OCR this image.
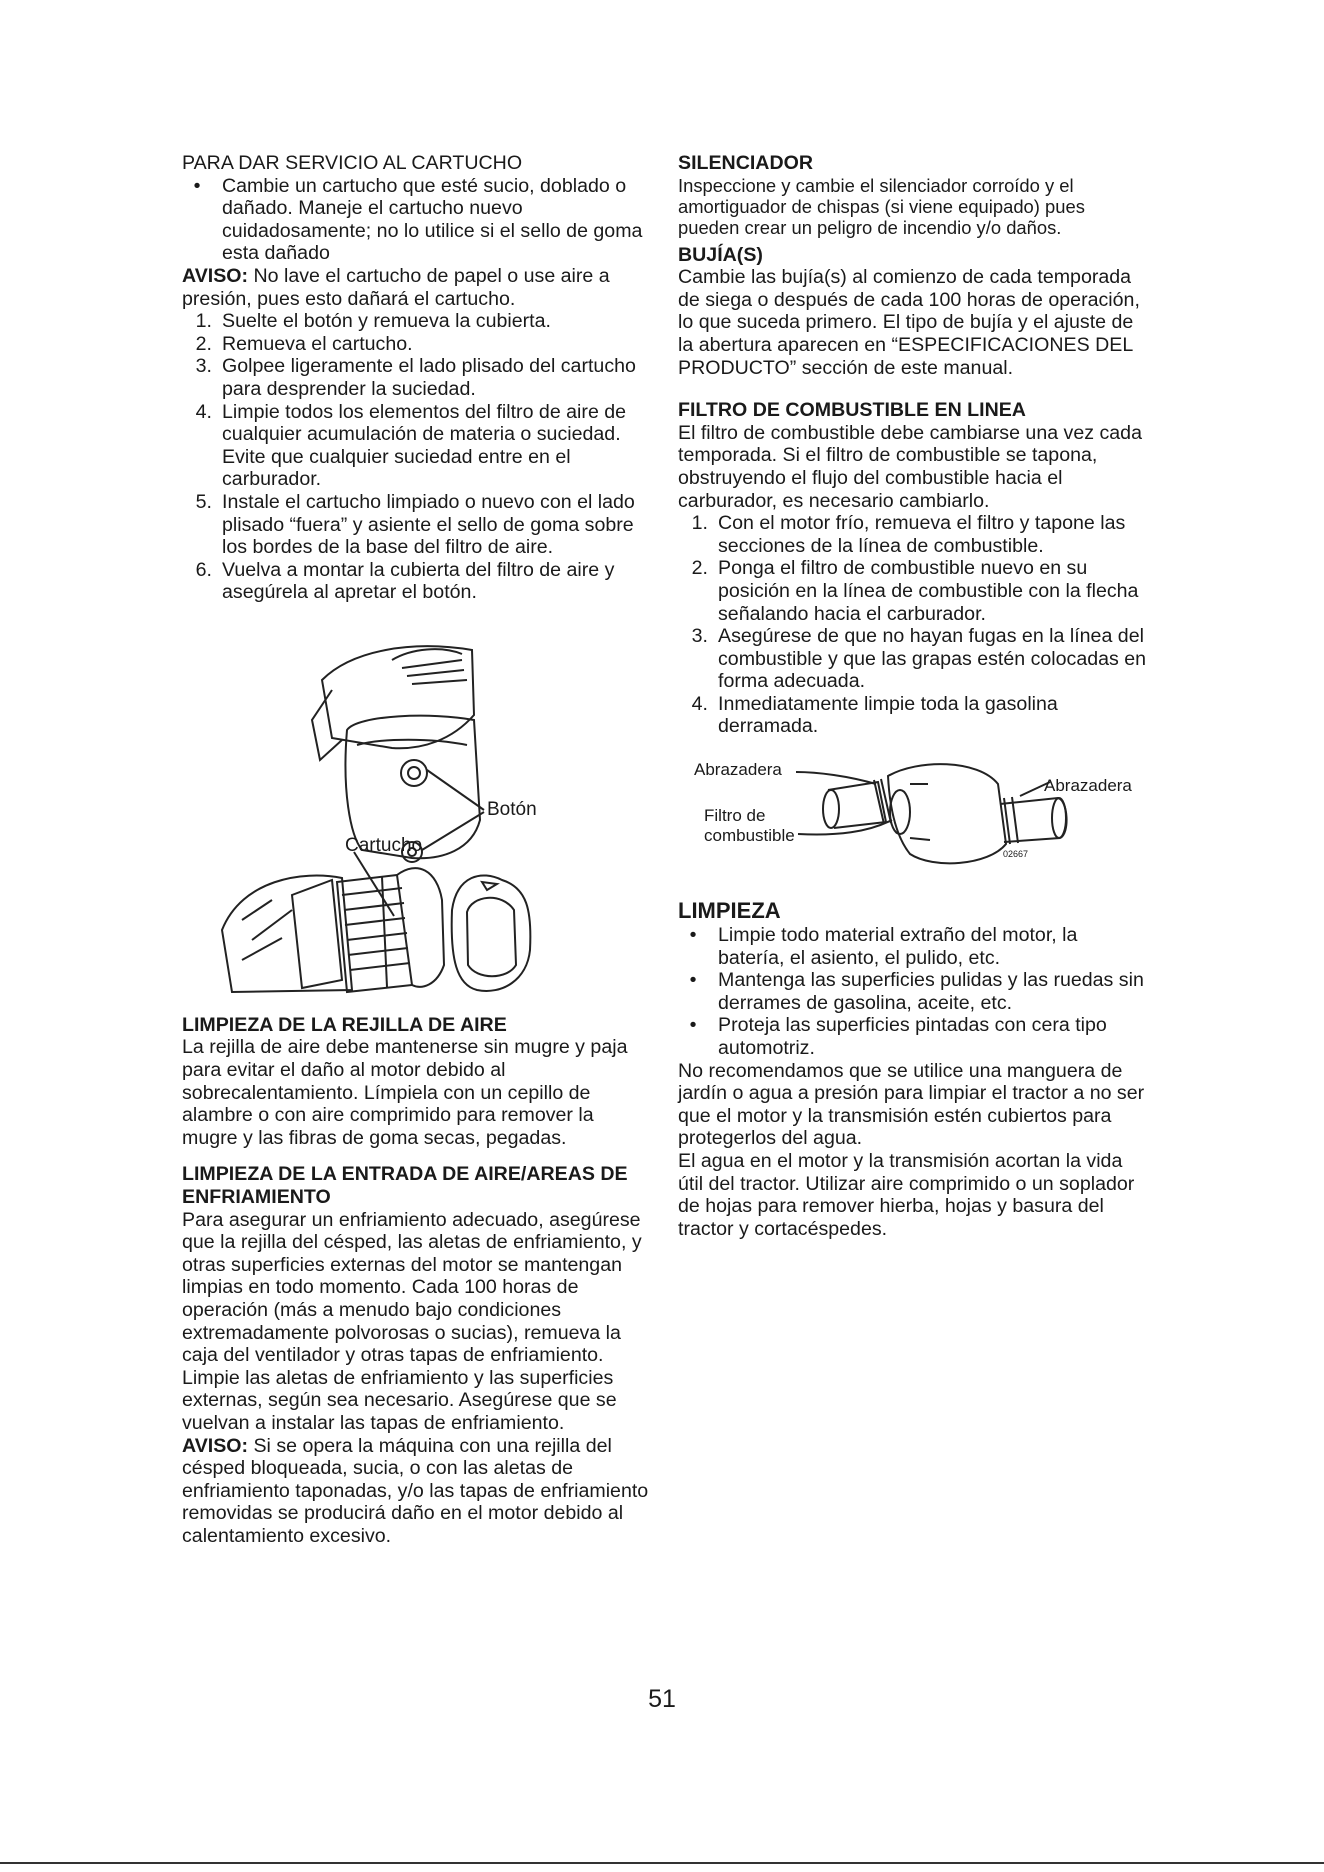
PARA DAR SERVICIO AL CARTUCHO

• Cambie un cartucho que esté sucio, doblado o dañado. Maneje el cartucho nuevo cuidadosamente; no lo utilice si el sello de goma esta dañado

AVISO: No lave el cartucho de papel o use aire a presión, pues esto dañará el cartucho.

1. Suelte el botón y remueva la cubierta.
2. Remueva el cartucho.
3. Golpee ligeramente el lado plisado del cartucho para desprender la suciedad.
4. Limpie todos los elementos del filtro de aire de cualquier acumulación de materia o suciedad. Evite que cualquier suciedad entre en el carburador.
5. Instale el cartucho limpiado o nuevo con el lado plisado “fuera” y asiente el sello de goma sobre los bordes de la base del filtro de aire.
6. Vuelva a montar la cubierta del filtro de aire y asegúrela al apretar el botón.
Botón
Cartucho

LIMPIEZA DE LA REJILLA DE AIRE

La rejilla de aire debe mantenerse sin mugre y paja para evitar el daño al motor debido al sobrecalentamiento. Límpiela con un cepillo de alambre o con aire comprimido para remover la mugre y las fibras de goma secas, pegadas.

LIMPIEZA DE LA ENTRADA DE AIRE/AREAS DE ENFRIAMIENTO

Para asegurar un enfriamiento adecuado, asegúrese que la rejilla del césped, las aletas de enfriamiento, y otras superficies externas del motor se mantengan limpias en todo momento. Cada 100 horas de operación (más a menudo bajo condiciones extremadamente polvorosas o sucias), remueva la caja del ventilador y otras tapas de enfriamiento. Limpie las aletas de enfriamiento y las superficies externas, según sea necesario. Asegúrese que se vuelvan a instalar las tapas de enfriamiento.

AVISO: Si se opera la máquina con una rejilla del césped bloqueada, sucia, o con las aletas de enfriamiento taponadas, y/o las tapas de enfriamiento removidas se producirá daño en el motor debido al calentamiento excesivo.

SILENCIADOR

Inspeccione y cambie el silenciador corroído y el amortiguador de chispas (si viene equipado) pues pueden crear un peligro de incendio y/o daños.

BUJÍA(S)

Cambie las bujía(s) al comienzo de cada temporada de siega o después de cada 100 horas de operación, lo que suceda primero. El tipo de bujía y el ajuste de la abertura aparecen en “ESPECIFICACIONES DEL PRODUCTO” sección de este manual.

FILTRO DE COMBUSTIBLE EN LINEA

El filtro de combustible debe cambiarse una vez cada temporada. Si el filtro de combustible se tapona, obstruyendo el flujo del combustible hacia el carburador, es necesario cambiarlo.

1. Con el motor frío, remueva el filtro y tapone las secciones de la línea de combustible.
2. Ponga el filtro de combustible nuevo en su posición en la línea de combustible con la flecha señalando hacia el carburador.
3. Asegúrese de que no hayan fugas en la línea del combustible y que las grapas estén colocadas en forma adecuada.
4. Inmediatamente limpie toda la gasolina derramada.
Abrazadera
Abrazadera
Filtro de
combustible
02667

LIMPIEZA

• Limpie todo material extraño del motor, la batería, el asiento, el pulido, etc.
• Mantenga las superficies pulidas y las ruedas sin derrames de gasolina, aceite, etc.
• Proteja las superficies pintadas con cera tipo automotriz.

No recomendamos que se utilice una manguera de jardín o agua a presión para limpiar el tractor a no ser que el motor y la transmisión estén cubiertos para protegerlos del agua.

El agua en el motor y la transmisión acortan la vida útil del tractor. Utilizar aire comprimido o un soplador de hojas para remover hierba, hojas y basura del tractor y cortacéspedes.

51
